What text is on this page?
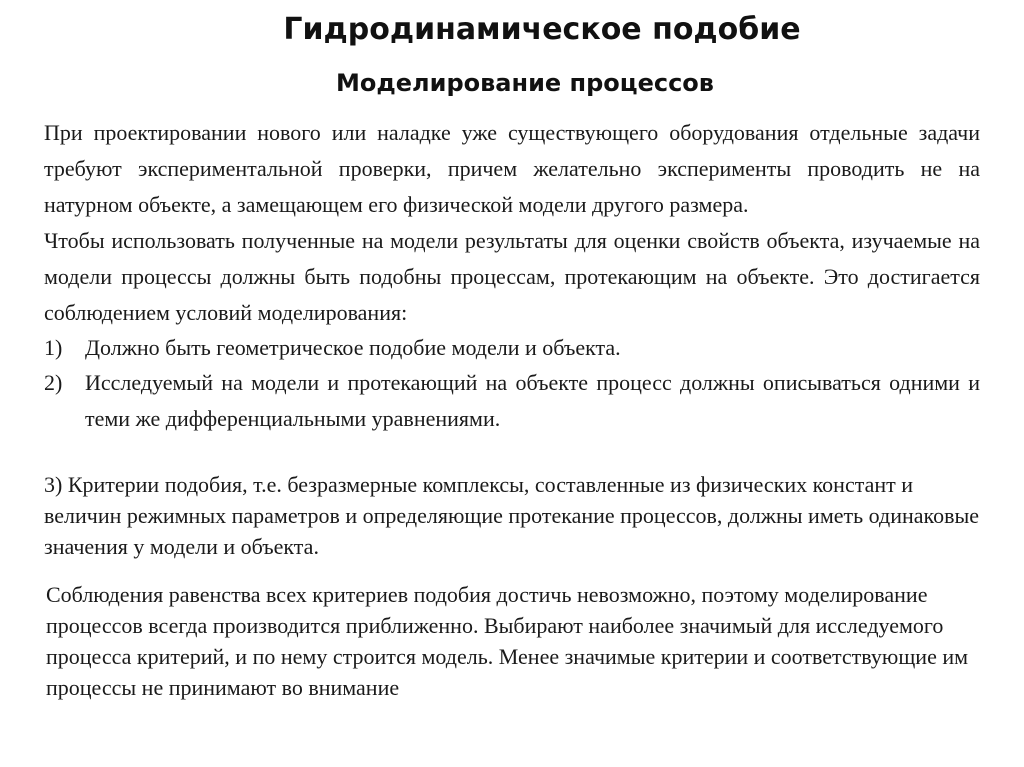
Гидродинамическое подобие
Моделирование процессов

При проектировании нового или наладке уже существующего оборудования отдельные задачи требуют экспериментальной проверки, причем желательно эксперименты проводить не на натурном объекте, а замещающем его физической модели другого размера.

Чтобы использовать полученные на модели результаты для оценки свойств объекта, изучаемые на модели процессы должны быть подобны процессам, протекающим на объекте. Это достигается соблюдением условий моделирования:

1)	Должно быть геометрическое подобие модели и объекта.
2)	Исследуемый на модели и протекающий на объекте процесс должны описываться одними и теми же дифференциальными уравнениями.

3) Критерии подобия, т.е. безразмерные комплексы, составленные из физических констант и величин режимных параметров и определяющие протекание процессов, должны иметь одинаковые значения у модели и объекта.

Соблюдения равенства всех критериев подобия достичь невозможно, поэтому моделирование процессов всегда производится приближенно. Выбирают наиболее значимый для исследуемого процесса критерий, и по нему строится модель. Менее значимые критерии и соответствующие им процессы не принимают во внимание
